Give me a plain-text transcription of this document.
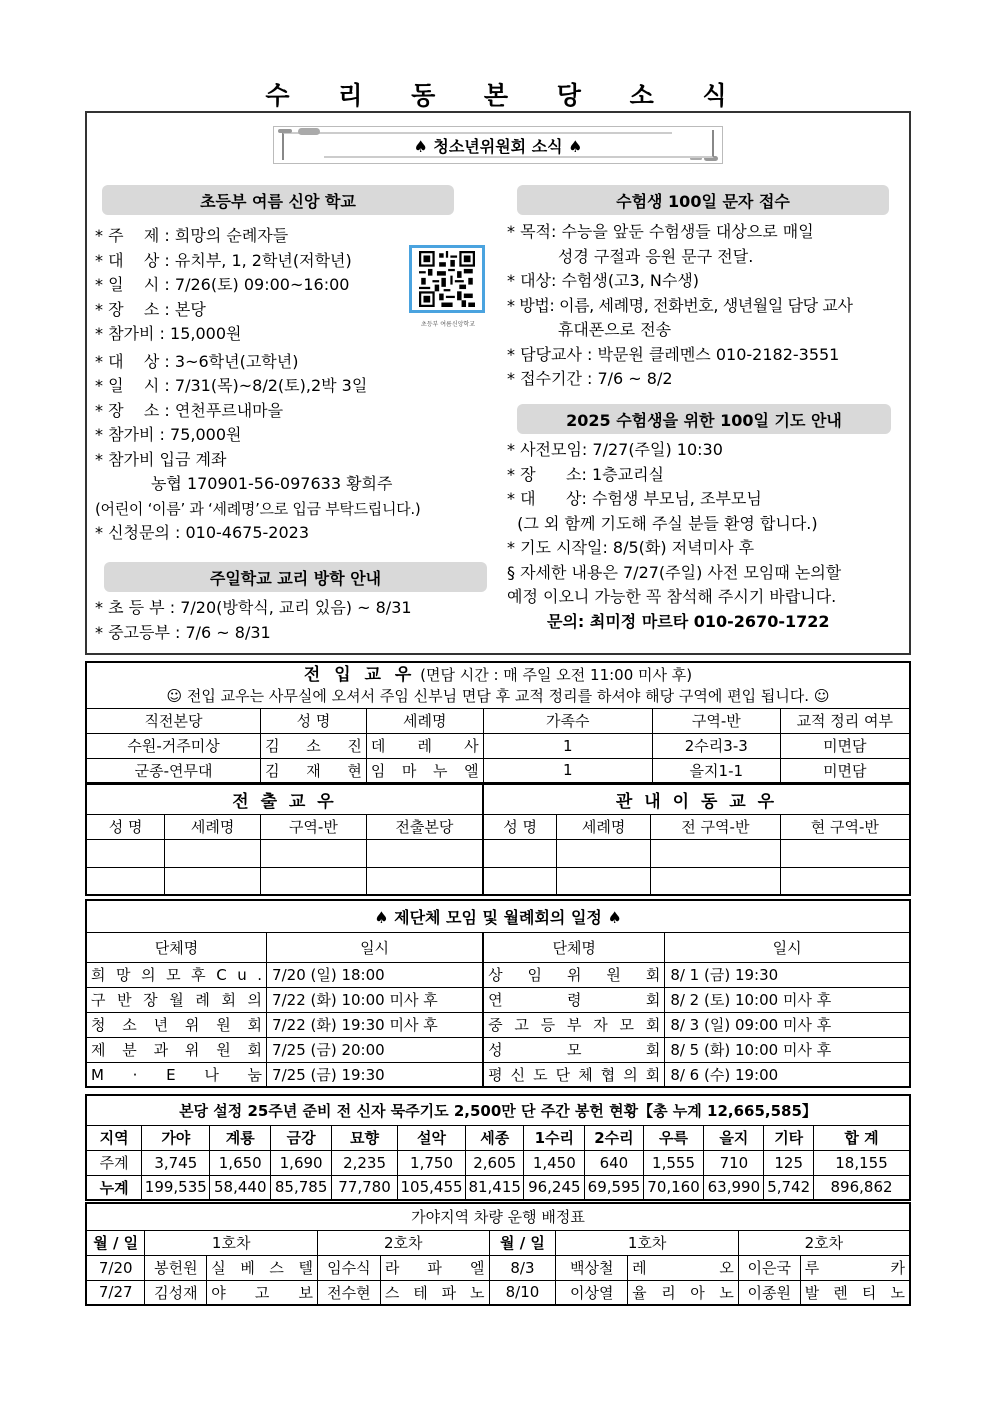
수 리 동 본 당 소 식
♠ 청소년위원회 소식 ♠
초등부 여름 신앙 학교
* 주    제 : 희망의 순례자들
* 대    상 : 유치부, 1, 2학년(저학년)
* 일    시 : 7/26(토) 09:00~16:00
* 장    소 : 본당
* 참가비 : 15,000원
* 대    상 : 3~6학년(고학년)
* 일    시 : 7/31(목)~8/2(토),2박 3일
* 장    소 : 연천푸르내마을
* 참가비 : 75,000원
* 참가비 입금 계좌
농협 170901-56-097633 황희주
(어린이 ‘이름’ 과 ‘세례명’으로 입금 부탁드립니다.)
* 신청문의 : 010-4675-2023
초등부 여름신앙학교
주일학교 교리 방학 안내
* 초 등 부 : 7/20(방학식, 교리 있음) ~ 8/31
* 중고등부 : 7/6 ~ 8/31
수험생 100일 문자 접수
* 목적: 수능을 앞둔 수험생들 대상으로 매일
성경 구절과 응원 문구 전달.
* 대상: 수험생(고3, N수생)
* 방법: 이름, 세례명, 전화번호, 생년월일 담당 교사
휴대폰으로 전송
* 담당교사 : 박문원 클레멘스 010-2182-3551
* 접수기간 : 7/6 ~ 8/2
2025 수험생을 위한 100일 기도 안내
* 사전모임: 7/27(주일) 10:30
* 장      소: 1층교리실
* 대      상: 수험생 부모님, 조부모님
(그 외 함께 기도해 주실 분들 환영 합니다.)
* 기도 시작일: 8/5(화) 저녁미사 후
§ 자세한 내용은 7/27(주일) 사전 모임때 논의할
예정 이오니 가능한 꼭 참석해 주시기 바랍니다.
문의: 최미정 마르타 010-2670-1722
전 입 교 우 (면담 시간 : 매 주일 오전 11:00 미사 후)
☺ 전입 교우는 사무실에 오셔서 주임 신부님 면담 후 교적 정리를 하셔야 해당 구역에 편입 됩니다. ☺					
직전본당	성 명	세례명	가족수	구역-반	교적 정리 여부
수원-거주미상	김 소 진	데 레 사	1	2수리3-3	미면담
군종-연무대	김 재 현	임 마 누 엘	1	을지1-1	미면담
전 출 교 우				관 내 이 동 교 우			
성 명	세례명	구역-반	전출본당	성 명	세례명	전 구역-반	현 구역-반

♠ 제단체 모임 및 월례회의 일정 ♠			
단체명	일시	단체명	일시
희 망 의 모 후 C u .	7/20 (일) 18:00	상 임 위 원 회	8/ 1 (금) 19:30
구 반 장 월 례 회 의	7/22 (화) 10:00 미사 후	연 령 회	8/ 2 (토) 10:00 미사 후
청 소 년 위 원 회	7/22 (화) 19:30 미사 후	중 고 등 부 자 모 회	8/ 3 (일) 09:00 미사 후
제 분 과 위 원 회	7/25 (금) 20:00	성 모 회	8/ 5 (화) 10:00 미사 후
M · E 나 눔	7/25 (금) 19:30	평 신 도 단 체 협 의 회	8/ 6 (수) 19:00
본당 설정 25주년 준비 전 신자 묵주기도 2,500만 단 주간 봉헌 현황【총 누계 12,665,585】												
지역	가야	계룡	금강	묘향	설악	세종	1수리	2수리	우륵	을지	기타	합 계
주계	3,745	1,650	1,690	2,235	1,750	2,605	1,450	640	1,555	710	125	18,155
누계	199,535	58,440	85,785	77,780	105,455	81,415	96,245	69,595	70,160	63,990	5,742	896,862
가야지역 차량 운행 배정표									
월 / 일	1호차		2호차		월 / 일	1호차		2호차	
7/20	봉헌원	실 베 스 텔	임수식	라 파 엘	8/3	백상철	레 오	이은국	루 카
7/27	김성재	야 고 보	전수현	스 테 파 노	8/10	이상열	율 리 아 노	이종원	발 렌 티 노
